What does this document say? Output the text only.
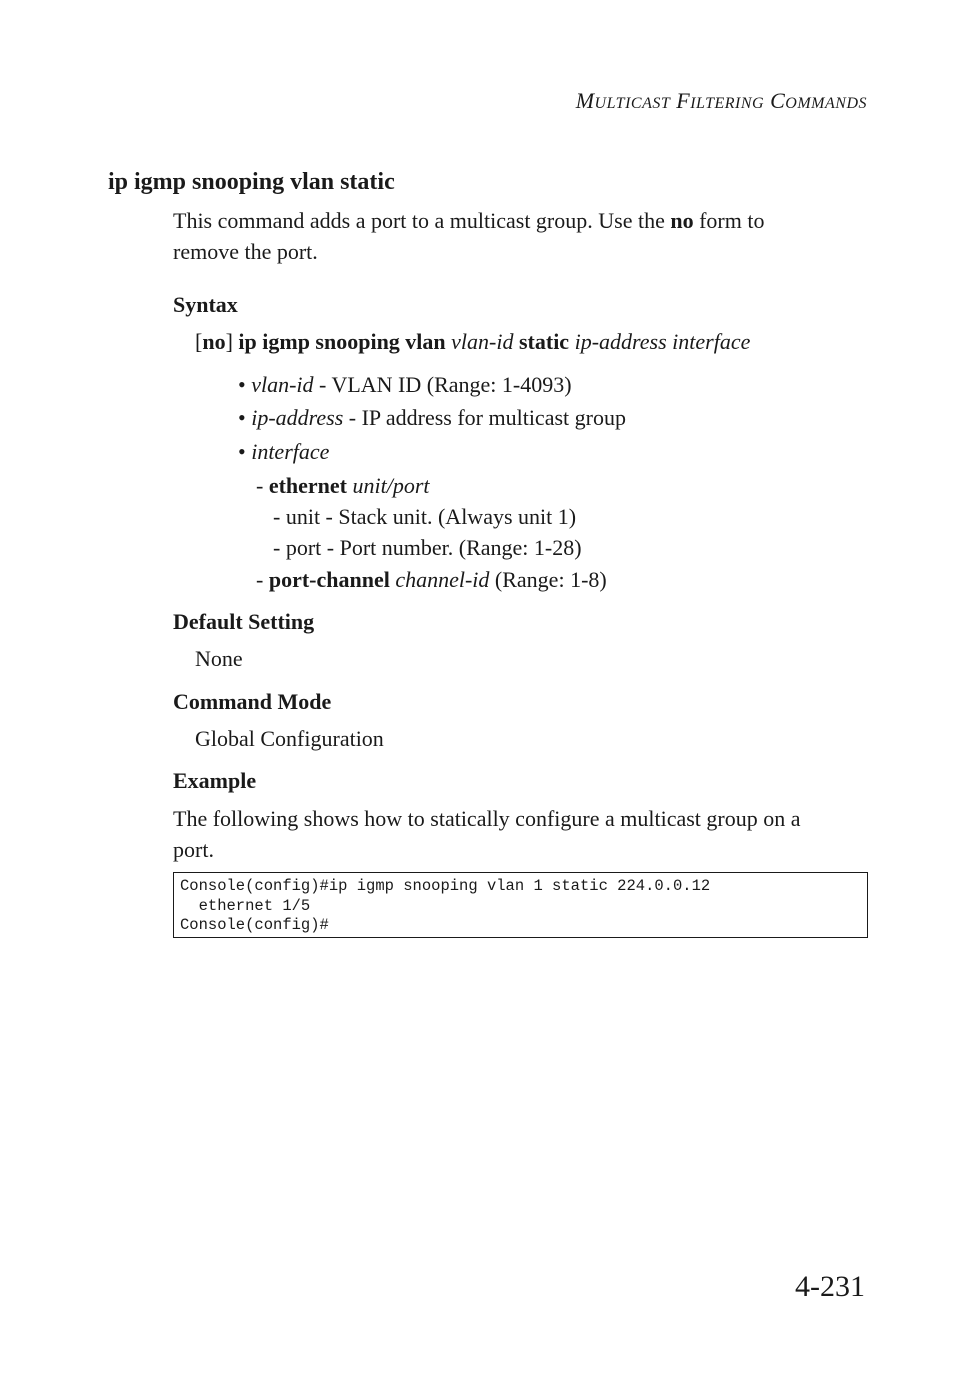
MULTICAST FILTERING COMMANDS
ip igmp snooping vlan static
This command adds a port to a multicast group. Use the no form to
remove the port.
Syntax
[no] ip igmp snooping vlan vlan-id static ip-address interface
• vlan-id - VLAN ID (Range: 1-4093)
• ip-address - IP address for multicast group
• interface
- ethernet unit/port
- unit - Stack unit. (Always unit 1)
- port - Port number. (Range: 1-28)
- port-channel channel-id (Range: 1-8)
Default Setting
None
Command Mode
Global Configuration
Example
The following shows how to statically configure a multicast group on a
port.
Console(config)#ip igmp snooping vlan 1 static 224.0.0.12
ethernet 1/5
Console(config)#
4-231
